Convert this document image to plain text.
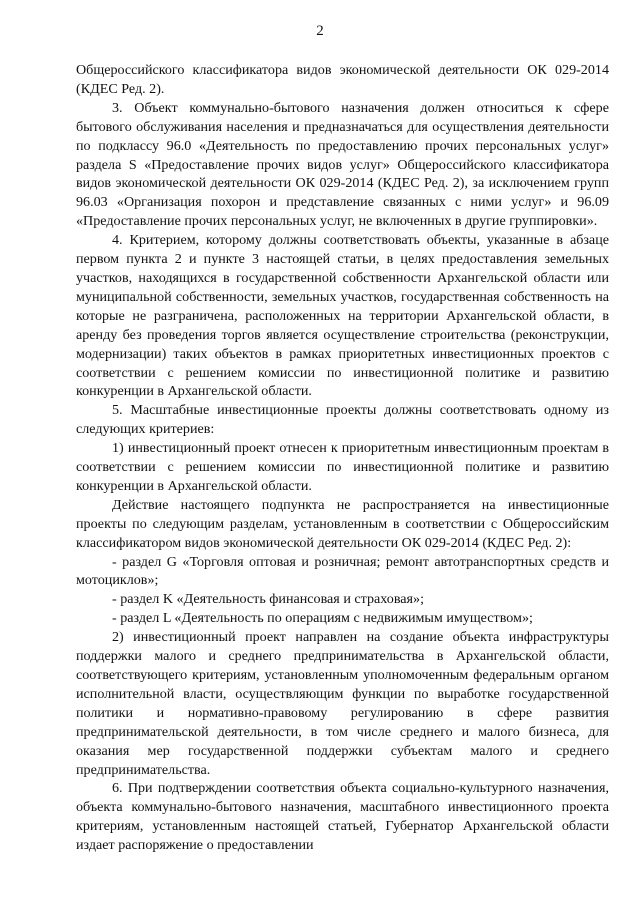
2

Общероссийского классификатора видов экономической деятельности ОК 029-2014 (КДЕС Ред. 2).

3. Объект коммунально-бытового назначения должен относиться к сфере бытового обслуживания населения и предназначаться для осуществления деятельности по подклассу 96.0 «Деятельность по предоставлению прочих персональных услуг» раздела S «Предоставление прочих видов услуг» Общероссийского классификатора видов экономической деятельности ОК 029-2014 (КДЕС Ред. 2), за исключением групп 96.03 «Организация похорон и представление связанных с ними услуг» и 96.09 «Предоставление прочих персональных услуг, не включенных в другие группировки».

4. Критерием, которому должны соответствовать объекты, указанные в абзаце первом пункта 2 и пункте 3 настоящей статьи, в целях предоставления земельных участков, находящихся в государственной собственности Архангельской области или муниципальной собственности, земельных участков, государственная собственность на которые не разграничена, расположенных на территории Архангельской области, в аренду без проведения торгов является осуществление строительства (реконструкции, модернизации) таких объектов в рамках приоритетных инвестиционных проектов с соответствии с решением комиссии по инвестиционной политике и развитию конкуренции в Архангельской области.

5. Масштабные инвестиционные проекты должны соответствовать одному из следующих критериев:

1) инвестиционный проект отнесен к приоритетным инвестиционным проектам в соответствии с решением комиссии по инвестиционной политике и развитию конкуренции в Архангельской области.

Действие настоящего подпункта не распространяется на инвестиционные проекты по следующим разделам, установленным в соответствии с Общероссийским классификатором видов экономической деятельности ОК 029-2014 (КДЕС Ред. 2):

- раздел G «Торговля оптовая и розничная; ремонт автотранспортных средств и мотоциклов»;

- раздел K «Деятельность финансовая и страховая»;

- раздел L «Деятельность по операциям с недвижимым имуществом»;

2) инвестиционный проект направлен на создание объекта инфраструктуры поддержки малого и среднего предпринимательства в Архангельской области, соответствующего критериям, установленным уполномоченным федеральным органом исполнительной власти, осуществляющим функции по выработке государственной политики и нормативно-правовому регулированию в сфере развития предпринимательской деятельности, в том числе среднего и малого бизнеса, для оказания мер государственной поддержки субъектам малого и среднего предпринимательства.

6. При подтверждении соответствия объекта социально-культурного назначения, объекта коммунально-бытового назначения, масштабного инвестиционного проекта критериям, установленным настоящей статьей, Губернатор Архангельской области издает распоряжение о предоставлении
